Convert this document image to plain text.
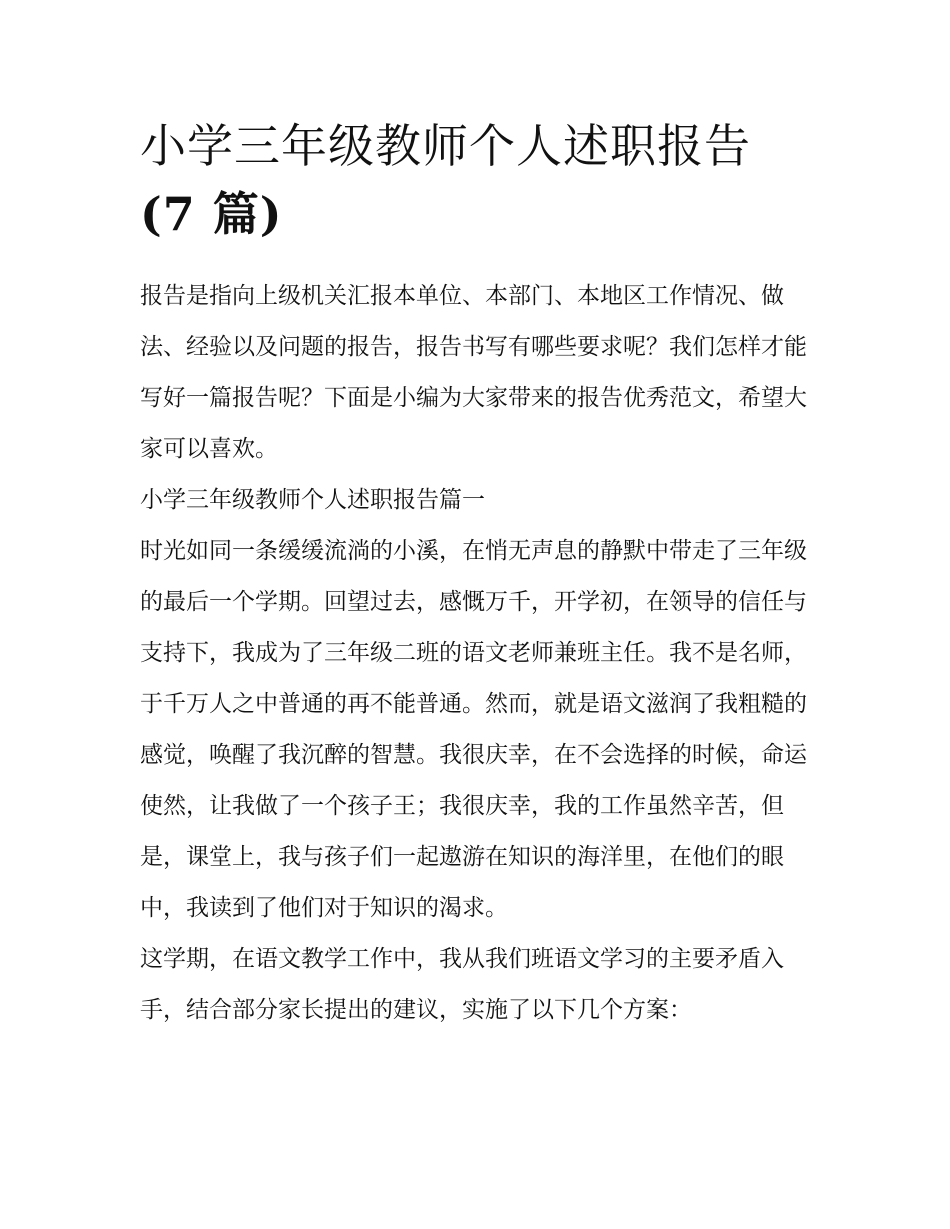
小学三年级教师个人述职报告
(7 篇)

报告是指向上级机关汇报本单位、本部门、本地区工作情况、做法、经验以及问题的报告，报告书写有哪些要求呢？我们怎样才能写好一篇报告呢？下面是小编为大家带来的报告优秀范文，希望大家可以喜欢。

小学三年级教师个人述职报告篇一

时光如同一条缓缓流淌的小溪，在悄无声息的静默中带走了三年级的最后一个学期。回望过去，感慨万千，开学初，在领导的信任与支持下，我成为了三年级二班的语文老师兼班主任。我不是名师，于千万人之中普通的再不能普通。然而，就是语文滋润了我粗糙的感觉，唤醒了我沉醉的智慧。我很庆幸，在不会选择的时候，命运使然，让我做了一个孩子王；我很庆幸，我的工作虽然辛苦，但是，课堂上，我与孩子们一起遨游在知识的海洋里，在他们的眼中，我读到了他们对于知识的渴求。

这学期，在语文教学工作中，我从我们班语文学习的主要矛盾入手，结合部分家长提出的建议，实施了以下几个方案：
